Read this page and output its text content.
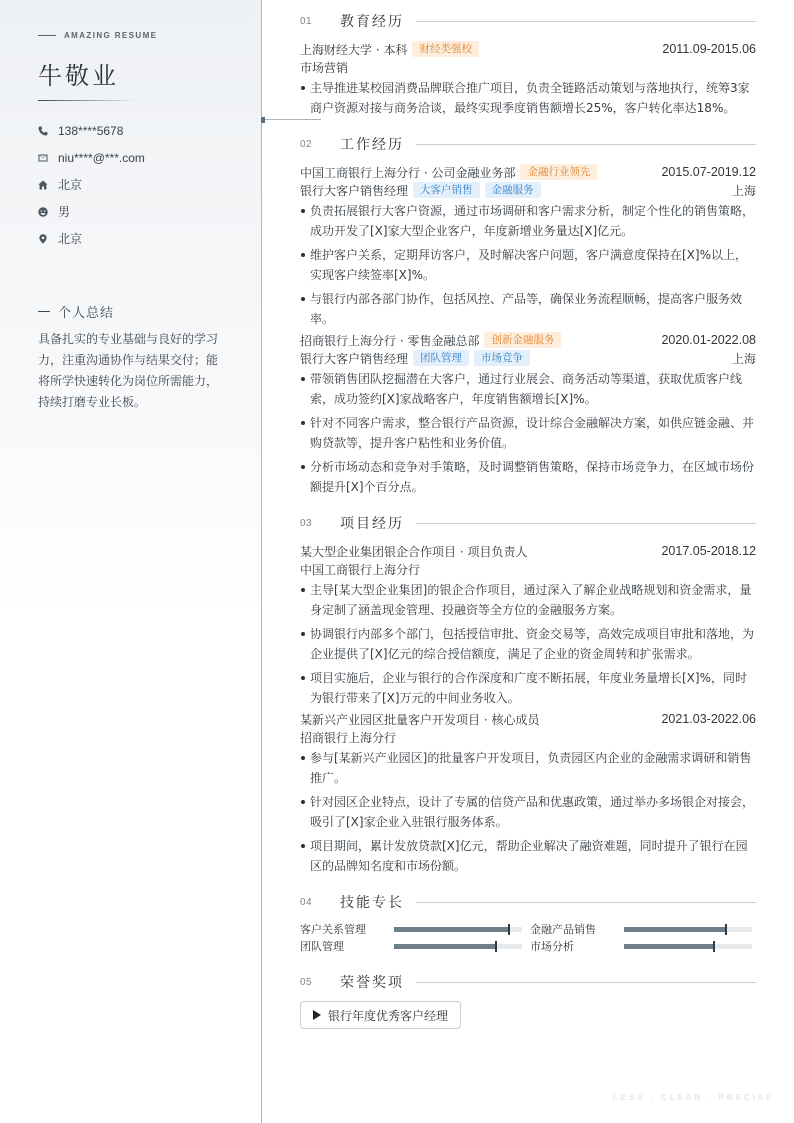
AMAZING RESUME
牛敬业
138****5678
niu****@***.com
北京
男
北京
个人总结
具备扎实的专业基础与良好的学习力，注重沟通协作与结果交付；能将所学快速转化为岗位所需能力，持续打磨专业长板。
LESS · CLEAR · PRECISE
01	教育经历
上海财经大学 · 本科	财经类强校	2011.09-2015.06
市场营销
主导推进某校园消费品牌联合推广项目，负责全链路活动策划与落地执行，统筹3家商户资源对接与商务洽谈，最终实现季度销售额增长25%，客户转化率达18%。
02	工作经历
中国工商银行上海分行 · 公司金融业务部	金融行业领先	2015.07-2019.12
银行大客户销售经理	大客户销售	金融服务	上海
负责拓展银行大客户资源，通过市场调研和客户需求分析，制定个性化的销售策略，成功开发了[X]家大型企业客户，年度新增业务量达[X]亿元。
维护客户关系，定期拜访客户，及时解决客户问题，客户满意度保持在[X]%以上，实现客户续签率[X]%。
与银行内部各部门协作，包括风控、产品等，确保业务流程顺畅，提高客户服务效率。
招商银行上海分行 · 零售金融总部	创新金融服务	2020.01-2022.08
银行大客户销售经理	团队管理	市场竞争	上海
带领销售团队挖掘潜在大客户，通过行业展会、商务活动等渠道，获取优质客户线索，成功签约[X]家战略客户，年度销售额增长[X]%。
针对不同客户需求，整合银行产品资源，设计综合金融解决方案，如供应链金融、并购贷款等，提升客户粘性和业务价值。
分析市场动态和竞争对手策略，及时调整销售策略，保持市场竞争力，在区域市场份额提升[X]个百分点。
03	项目经历
某大型企业集团银企合作项目 · 项目负责人	2017.05-2018.12
中国工商银行上海分行
主导[某大型企业集团]的银企合作项目，通过深入了解企业战略规划和资金需求，量身定制了涵盖现金管理、投融资等全方位的金融服务方案。
协调银行内部多个部门，包括授信审批、资金交易等，高效完成项目审批和落地，为企业提供了[X]亿元的综合授信额度，满足了企业的资金周转和扩张需求。
项目实施后，企业与银行的合作深度和广度不断拓展，年度业务量增长[X]%，同时为银行带来了[X]万元的中间业务收入。
某新兴产业园区批量客户开发项目 · 核心成员	2021.03-2022.06
招商银行上海分行
参与[某新兴产业园区]的批量客户开发项目，负责园区内企业的金融需求调研和销售推广。
针对园区企业特点，设计了专属的信贷产品和优惠政策，通过举办多场银企对接会，吸引了[X]家企业入驻银行服务体系。
项目期间，累计发放贷款[X]亿元，帮助企业解决了融资难题，同时提升了银行在园区的品牌知名度和市场份额。
04	技能专长
客户关系管理	金融产品销售
团队管理	市场分析
05	荣誉奖项
银行年度优秀客户经理
